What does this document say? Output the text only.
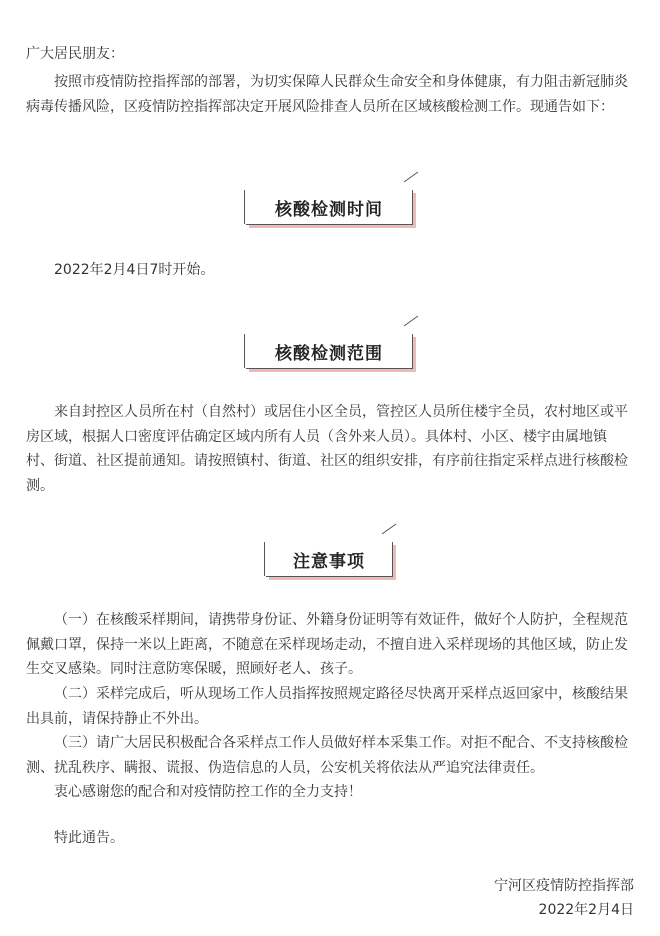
广大居民朋友：

按照市疫情防控指挥部的部署，为切实保障人民群众生命安全和身体健康，有力阻击新冠肺炎病毒传播风险，区疫情防控指挥部决定开展风险排查人员所在区域核酸检测工作。现通告如下：

核酸检测时间

2022年2月4日7时开始。

核酸检测范围

来自封控区人员所在村（自然村）或居住小区全员，管控区人员所住楼宇全员，农村地区或平房区域，根据人口密度评估确定区域内所有人员（含外来人员）。具体村、小区、楼宇由属地镇村、街道、社区提前通知。请按照镇村、街道、社区的组织安排，有序前往指定采样点进行核酸检测。

注意事项

（一）在核酸采样期间，请携带身份证、外籍身份证明等有效证件，做好个人防护，全程规范佩戴口罩，保持一米以上距离，不随意在采样现场走动，不擅自进入采样现场的其他区域，防止发生交叉感染。同时注意防寒保暖，照顾好老人、孩子。

（二）采样完成后，听从现场工作人员指挥按照规定路径尽快离开采样点返回家中，核酸结果出具前，请保持静止不外出。

（三）请广大居民积极配合各采样点工作人员做好样本采集工作。对拒不配合、不支持核酸检测、扰乱秩序、瞒报、谎报、伪造信息的人员，公安机关将依法从严追究法律责任。

衷心感谢您的配合和对疫情防控工作的全力支持！

特此通告。

宁河区疫情防控指挥部
2022年2月4日
